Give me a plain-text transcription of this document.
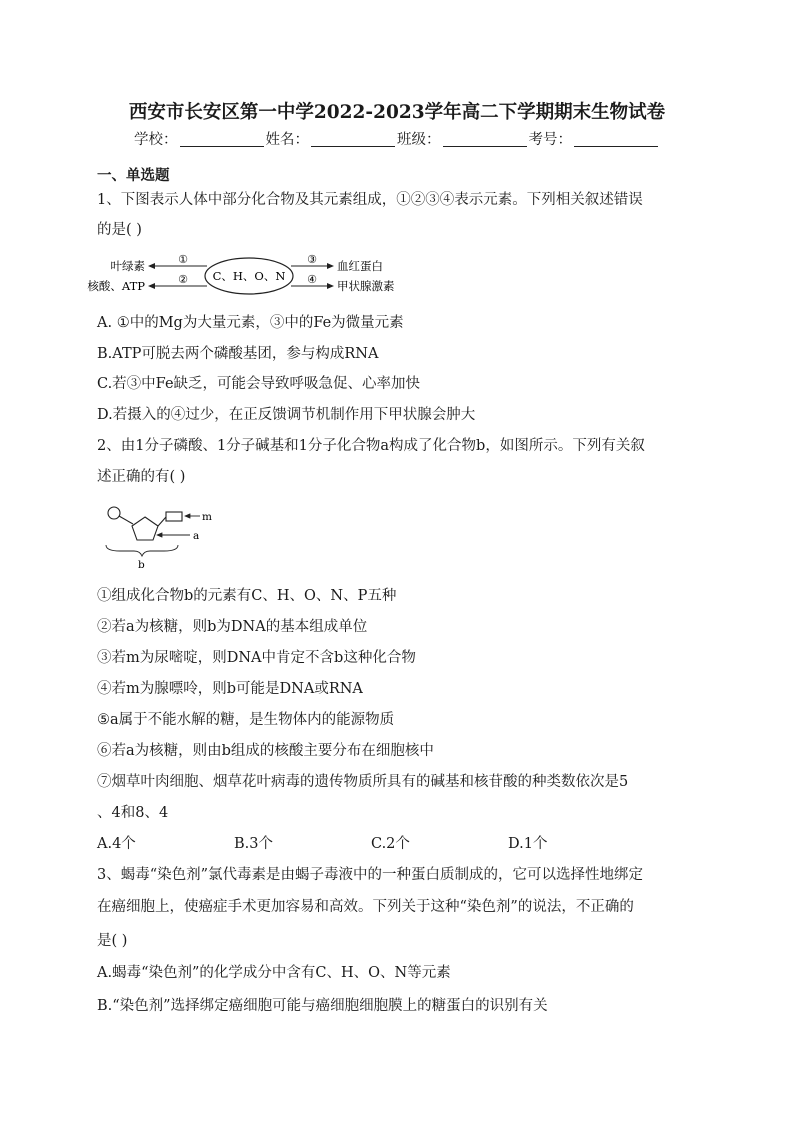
西安市长安区第一中学2022-2023学年高二下学期期末生物试卷
学校：	姓名：	班级：	考号：
一、单选题
1、下图表示人体中部分化合物及其元素组成，①②③④表示元素。下列相关叙述错误
的是( )
C、H、O、N
叶绿素
核酸、ATP
血红蛋白
甲状腺激素
①
②
③
④
A. ①中的Mg为大量元素，③中的Fe为微量元素
B.ATP可脱去两个磷酸基团，参与构成RNA
C.若③中Fe缺乏，可能会导致呼吸急促、心率加快
D.若摄入的④过少，在正反馈调节机制作用下甲状腺会肿大
2、由1分子磷酸、1分子碱基和1分子化合物a构成了化合物b，如图所示。下列有关叙
述正确的有( )
m
a
b
①组成化合物b的元素有C、H、O、N、P五种
②若a为核糖，则b为DNA的基本组成单位
③若m为尿嘧啶，则DNA中肯定不含b这种化合物
④若m为腺嘌呤，则b可能是DNA或RNA
⑤a属于不能水解的糖，是生物体内的能源物质
⑥若a为核糖，则由b组成的核酸主要分布在细胞核中
⑦烟草叶肉细胞、烟草花叶病毒的遗传物质所具有的碱基和核苷酸的种类数依次是5
、4和8、4
A.4个	B.3个	C.2个	D.1个
3、蝎毒“染色剂”氯代毒素是由蝎子毒液中的一种蛋白质制成的，它可以选择性地绑定
在癌细胞上，使癌症手术更加容易和高效。下列关于这种“染色剂”的说法，不正确的
是( )
A.蝎毒“染色剂”的化学成分中含有C、H、O、N等元素
B.“染色剂”选择绑定癌细胞可能与癌细胞细胞膜上的糖蛋白的识别有关
